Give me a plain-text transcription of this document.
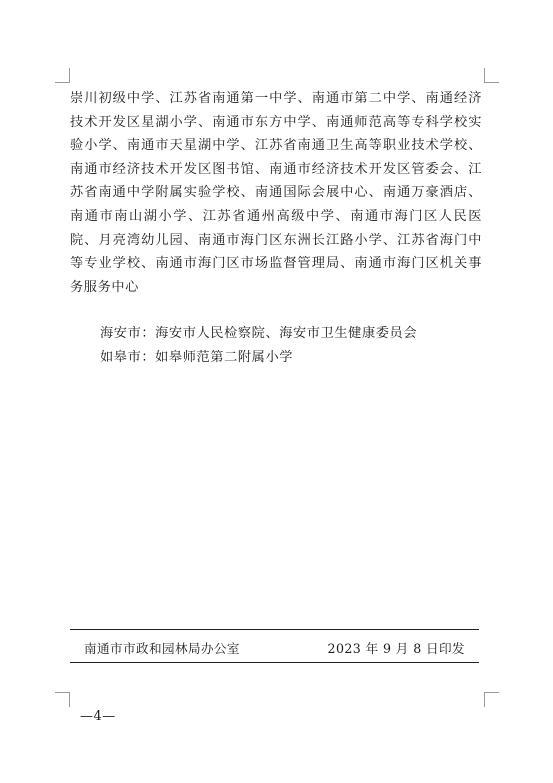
崇川初级中学、江苏省南通第一中学、南通市第二中学、南通经济技术开发区星湖小学、南通市东方中学、南通师范高等专科学校实验小学、南通市天星湖中学、江苏省南通卫生高等职业技术学校、南通市经济技术开发区图书馆、南通市经济技术开发区管委会、江苏省南通中学附属实验学校、南通国际会展中心、南通万豪酒店、南通市南山湖小学、江苏省通州高级中学、南通市海门区人民医院、月亮湾幼儿园、南通市海门区东洲长江路小学、江苏省海门中等专业学校、南通市海门区市场监督管理局、南通市海门区机关事务服务中心

海安市：海安市人民检察院、海安市卫生健康委员会

如皋市：如皋师范第二附属小学

南通市市政和园林局办公室	2023 年 9 月 8 日印发
—4—
